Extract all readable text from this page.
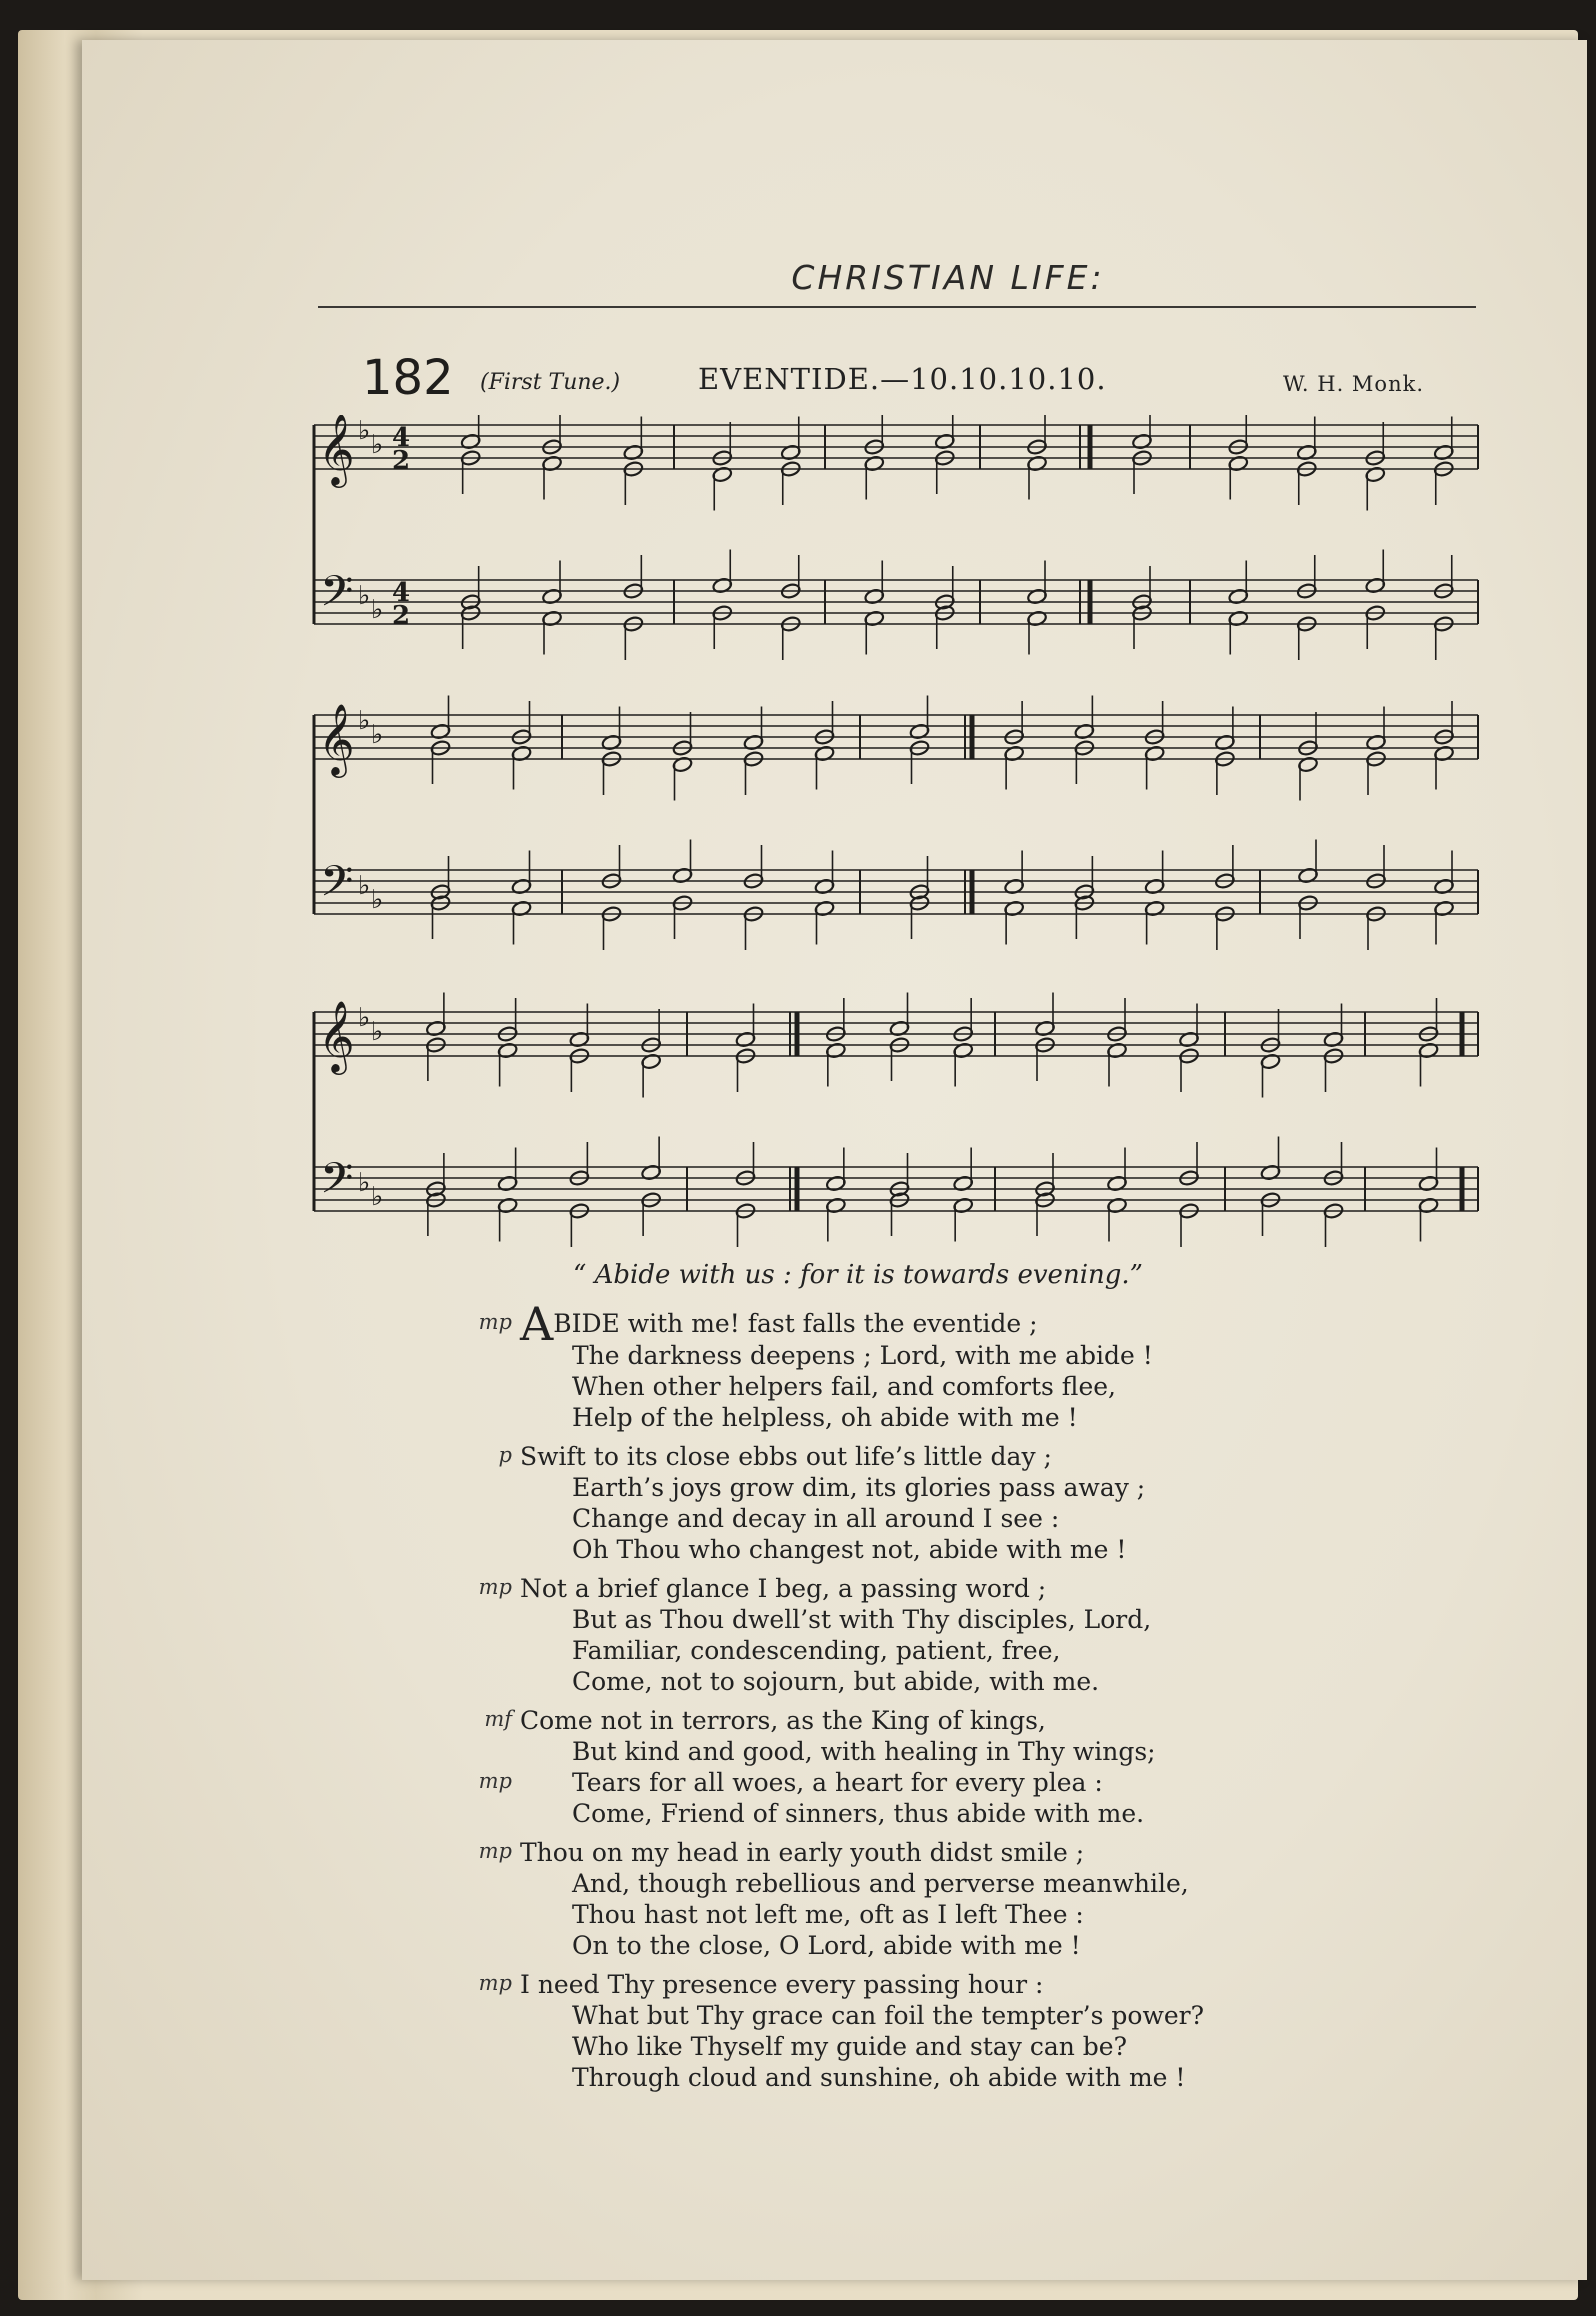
CHRISTIAN LIFE:
182 (First Tune.)	EVENTIDE.—10.10.10.10.	W. H. Monk.
𝄞
𝄢
♭ ♭
♭ ♭
4
2
4
2
𝄞
𝄢
♭ ♭
♭ ♭
𝄞
𝄢
♭ ♭
♭ ♭
“ Abide with us : for it is towards evening.”
mp ABIDE with me! fast falls the eventide ;
The darkness deepens ; Lord, with me abide !
When other helpers fail, and comforts flee,
Help of the helpless, oh abide with me !
p Swift to its close ebbs out life’s little day ;
Earth’s joys grow dim, its glories pass away ;
Change and decay in all around I see :
Oh Thou who changest not, abide with me !
mp Not a brief glance I beg, a passing word ;
But as Thou dwell’st with Thy disciples, Lord,
Familiar, condescending, patient, free,
Come, not to sojourn, but abide, with me.
mf
mp
Come not in terrors, as the King of kings,
But kind and good, with healing in Thy wings;
Tears for all woes, a heart for every plea :
Come, Friend of sinners, thus abide with me.
mp Thou on my head in early youth didst smile ;
And, though rebellious and perverse meanwhile,
Thou hast not left me, oft as I left Thee :
On to the close, O Lord, abide with me !
mp I need Thy presence every passing hour :
What but Thy grace can foil the tempter’s power?
Who like Thyself my guide and stay can be?
Through cloud and sunshine, oh abide with me !
